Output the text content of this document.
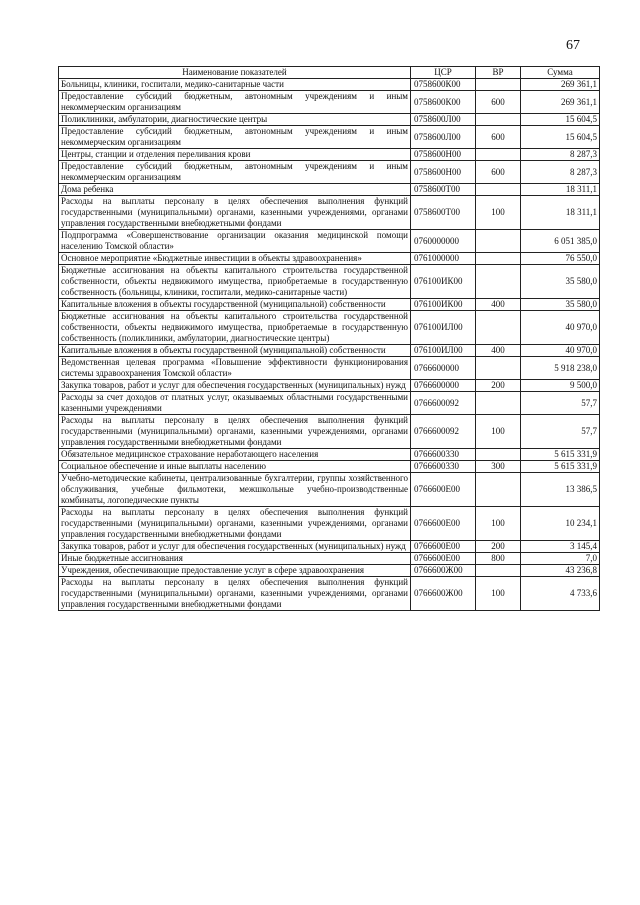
67
Наименование показателей	ЦСР	ВР	Сумма
Больницы, клиники, госпитали, медико-санитарные части	0758600К00		269 361,1
Предоставление субсидий бюджетным, автономным учреждениям и иным некоммерческим организациям	0758600К00	600	269 361,1
Поликлиники, амбулатории, диагностические центры	0758600Л00		15 604,5
Предоставление субсидий бюджетным, автономным учреждениям и иным некоммерческим организациям	0758600Л00	600	15 604,5
Центры, станции и отделения переливания крови	0758600Н00		8 287,3
Предоставление субсидий бюджетным, автономным учреждениям и иным некоммерческим организациям	0758600Н00	600	8 287,3
Дома ребенка	0758600Т00		18 311,1
Расходы на выплаты персоналу в целях обеспечения выполнения функций государственными (муниципальными) органами, казенными учреждениями, органами управления государственными внебюджетными фондами	0758600Т00	100	18 311,1
Подпрограмма «Совершенствование организации оказания медицинской помощи населению Томской области»	0760000000		6 051 385,0
Основное мероприятие «Бюджетные инвестиции в объекты здравоохранения»	0761000000		76 550,0
Бюджетные ассигнования на объекты капитального строительства государственной собственности, объекты недвижимого имущества, приобретаемые в государственную собственность (больницы, клиники, госпитали, медико-санитарные части)	076100ИК00		35 580,0
Капитальные вложения в объекты государственной (муниципальной) собственности	076100ИК00	400	35 580,0
Бюджетные ассигнования на объекты капитального строительства государственной собственности, объекты недвижимого имущества, приобретаемые в государственную собственность (поликлиники, амбулатории, диагностические центры)	076100ИЛ00		40 970,0
Капитальные вложения в объекты государственной (муниципальной) собственности	076100ИЛ00	400	40 970,0
Ведомственная целевая программа «Повышение эффективности функционирования системы здравоохранения Томской области»	0766600000		5 918 238,0
Закупка товаров, работ и услуг для обеспечения государственных (муниципальных) нужд	0766600000	200	9 500,0
Расходы за счет доходов от платных услуг, оказываемых областными государственными казенными учреждениями	0766600092		57,7
Расходы на выплаты персоналу в целях обеспечения выполнения функций государственными (муниципальными) органами, казенными учреждениями, органами управления государственными внебюджетными фондами	0766600092	100	57,7
Обязательное медицинское страхование неработающего населения	0766600330		5 615 331,9
Социальное обеспечение и иные выплаты населению	0766600330	300	5 615 331,9
Учебно-методические кабинеты, централизованные бухгалтерии, группы хозяйственного обслуживания, учебные фильмотеки, межшкольные учебно-производственные комбинаты, логопедические пункты	0766600Е00		13 386,5
Расходы на выплаты персоналу в целях обеспечения выполнения функций государственными (муниципальными) органами, казенными учреждениями, органами управления государственными внебюджетными фондами	0766600Е00	100	10 234,1
Закупка товаров, работ и услуг для обеспечения государственных (муниципальных) нужд	0766600Е00	200	3 145,4
Иные бюджетные ассигнования	0766600Е00	800	7,0
Учреждения, обеспечивающие предоставление услуг в сфере здравоохранения	0766600Ж00		43 236,8
Расходы на выплаты персоналу в целях обеспечения выполнения функций государственными (муниципальными) органами, казенными учреждениями, органами управления государственными внебюджетными фондами	0766600Ж00	100	4 733,6
